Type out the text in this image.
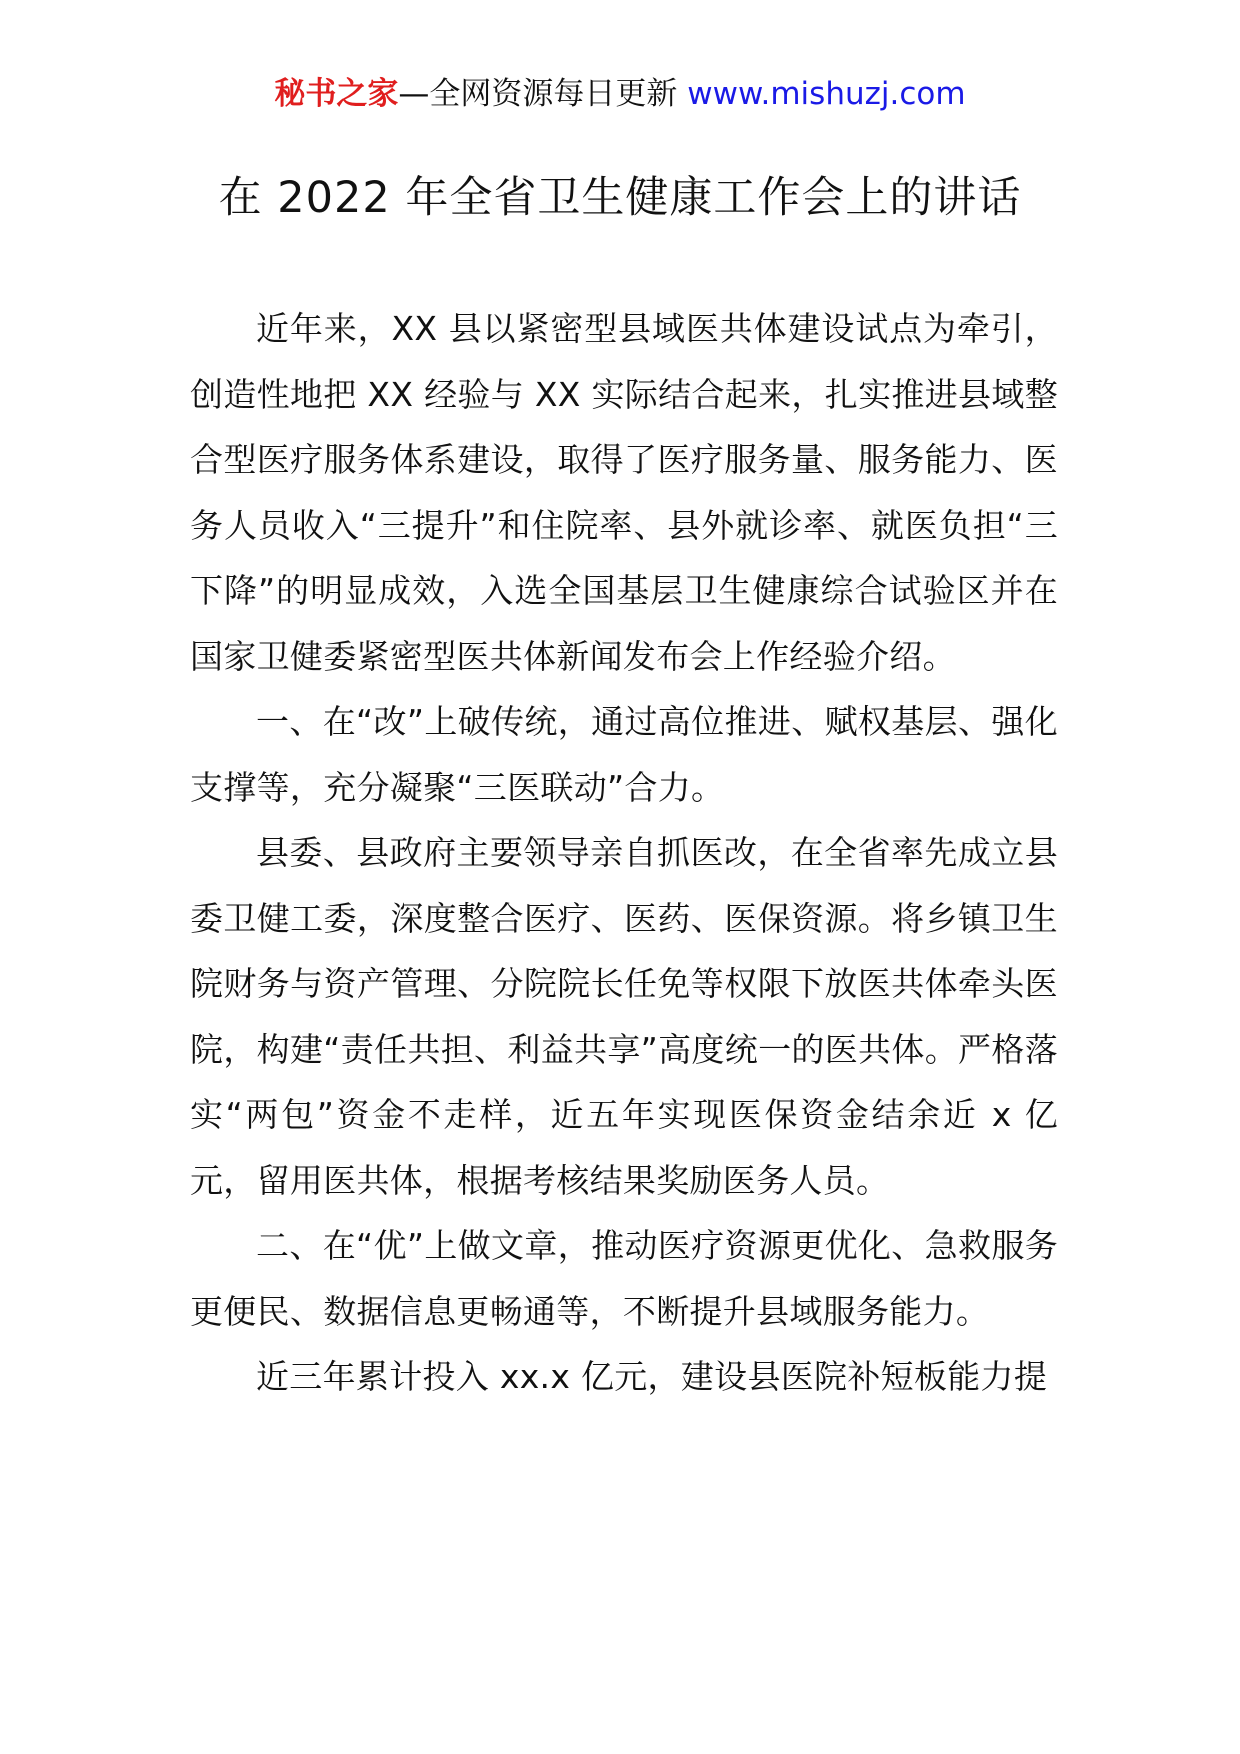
秘书之家—全网资源每日更新 www.mishuzj.com
在 2022 年全省卫生健康工作会上的讲话

近年来，XX 县以紧密型县域医共体建设试点为牵引，创造性地把 XX 经验与 XX 实际结合起来，扎实推进县域整合型医疗服务体系建设，取得了医疗服务量、服务能力、医务人员收入“三提升”和住院率、县外就诊率、就医负担“三下降”的明显成效，入选全国基层卫生健康综合试验区并在国家卫健委紧密型医共体新闻发布会上作经验介绍。

一、在“改”上破传统，通过高位推进、赋权基层、强化支撑等，充分凝聚“三医联动”合力。

县委、县政府主要领导亲自抓医改，在全省率先成立县委卫健工委，深度整合医疗、医药、医保资源。将乡镇卫生院财务与资产管理、分院院长任免等权限下放医共体牵头医院，构建“责任共担、利益共享”高度统一的医共体。严格落实“两包”资金不走样，近五年实现医保资金结余近 x 亿元，留用医共体，根据考核结果奖励医务人员。

二、在“优”上做文章，推动医疗资源更优化、急救服务更便民、数据信息更畅通等，不断提升县域服务能力。

近三年累计投入 xx.x 亿元，建设县医院补短板能力提
